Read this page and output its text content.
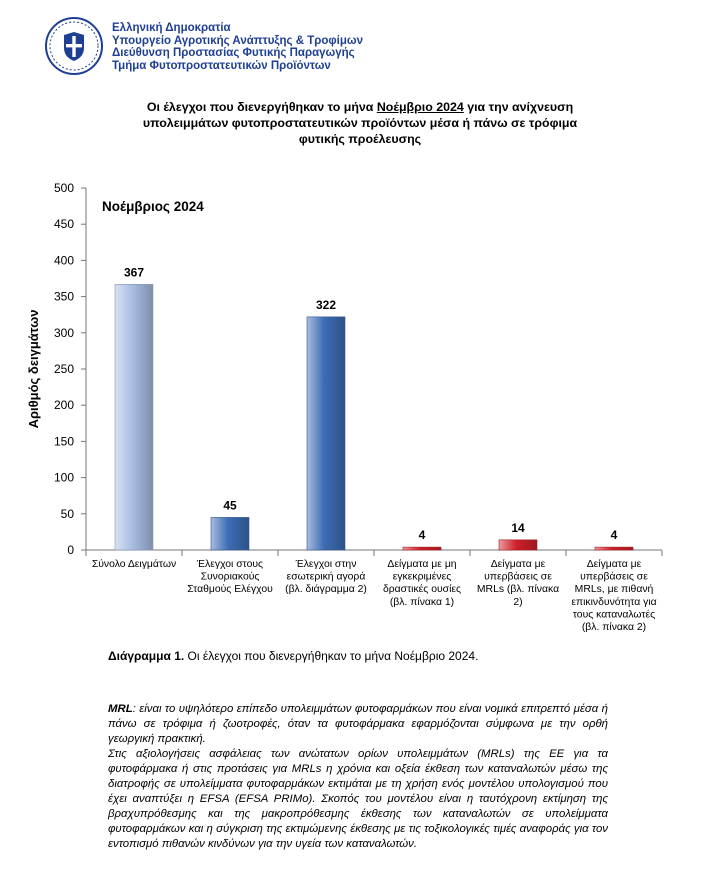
Ελληνική Δημοκρατία
Υπουργείο Αγροτικής Ανάπτυξης & Τροφίμων
Διεύθυνση Προστασίας Φυτικής Παραγωγής
Τμήμα Φυτοπροστατευτικών Προϊόντων
Οι έλεγχοι που διενεργήθηκαν το μήνα Νοέμβριο 2024 για την ανίχνευση
υπολειμμάτων φυτοπροστατευτικών προϊόντων μέσα ή πάνω σε τρόφιμα
φυτικής προέλευσης
0
50
100
150
200
250
300
350
400
450
500
Αριθμός δειγμάτων
Νοέμβριος 2024
367
Σύνολο Δειγμάτων
45
Έλεγχοι στους
Συνοριακούς
Σταθμούς Ελέγχου
322
Έλεγχοι στην
εσωτερική αγορά
(βλ. διάγραμμα 2)
4
Δείγματα με μη
εγκεκριμένες
δραστικές ουσίες
(βλ. πίνακα 1)
14
Δείγματα με
υπερβάσεις σε
MRLs (βλ. πίνακα
2)
4
Δείγματα με
υπερβάσεις σε
MRLs, με πιθανή
επικινδυνότητα για
τους καταναλωτές
(βλ. πίνακα 2)
Διάγραμμα 1. Οι έλεγχοι που διενεργήθηκαν το μήνα Νοέμβριο 2024.

MRL: είναι το υψηλότερο επίπεδο υπολειμμάτων φυτοφαρμάκων που είναι νομικά επιτρεπτό μέσα ή πάνω σε τρόφιμα ή ζωοτροφές, όταν τα φυτοφάρμακα εφαρμόζονται σύμφωνα με την ορθή γεωργική πρακτική.

Στις αξιολογήσεις ασφάλειας των ανώτατων ορίων υπολειμμάτων (MRLs) της ΕΕ για τα φυτοφάρμακα ή στις προτάσεις για MRLs η χρόνια και οξεία έκθεση των καταναλωτών μέσω της διατροφής σε υπολείμματα φυτοφαρμάκων εκτιμάται με τη χρήση ενός μοντέλου υπολογισμού που έχει αναπτύξει η EFSA (EFSA PRIMo). Σκοπός του μοντέλου είναι η ταυτόχρονη εκτίμηση της βραχυπρόθεσμης και της μακροπρόθεσμης έκθεσης των καταναλωτών σε υπολείμματα φυτοφαρμάκων και η σύγκριση της εκτιμώμενης έκθεσης με τις τοξικολογικές τιμές αναφοράς για τον εντοπισμό πιθανών κινδύνων για την υγεία των καταναλωτών.
